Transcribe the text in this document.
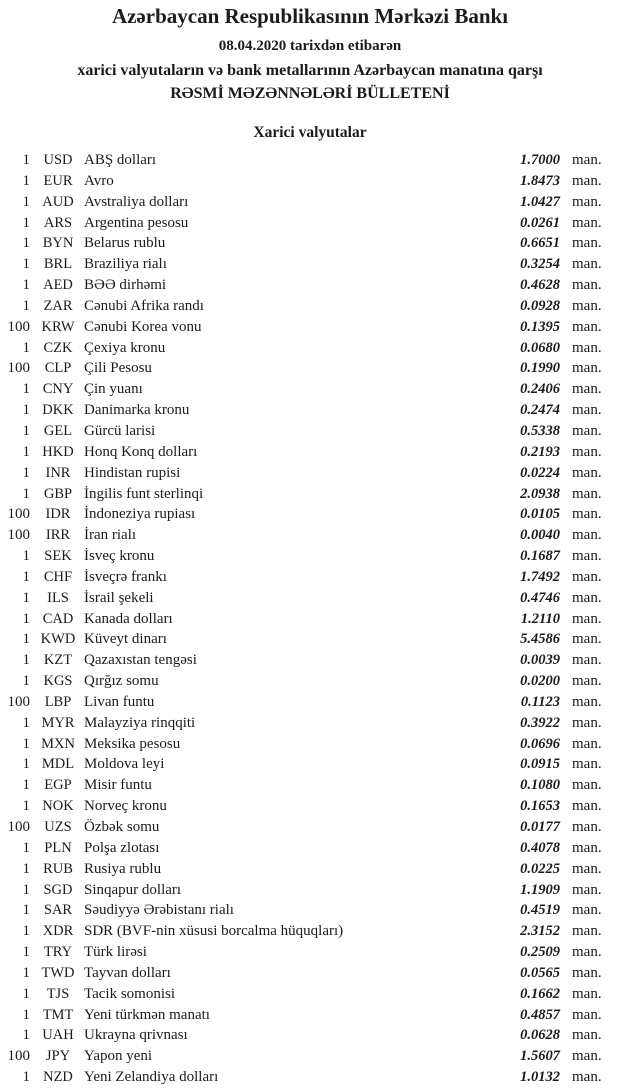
Azərbaycan Respublikasının Mərkəzi Bankı
08.04.2020 tarixdən etibarən
xarici valyutaların və bank metallarının Azərbaycan manatına qarşı
RƏSMİ MƏZƏNNƏLƏRİ BÜLLETENİ
Xarici valyutalar
1 USD ABŞ dolları	1.7000 man.
1 EUR Avro	1.8473 man.
1 AUD Avstraliya dolları	1.0427 man.
1 ARS Argentina pesosu	0.0261 man.
1 BYN Belarus rublu	0.6651 man.
1 BRL Braziliya rialı	0.3254 man.
1 AED BƏƏ dirhəmi	0.4628 man.
1 ZAR Cənubi Afrika randı	0.0928 man.
100 KRW Cənubi Korea vonu	0.1395 man.
1 CZK Çexiya kronu	0.0680 man.
100	CLP Çili Pesosu	0.1990 man.
1 CNY Çin yuanı	0.2406 man.
1 DKK Danimarka kronu	0.2474 man.
1 GEL Gürcü larisi	0.5338 man.
1 HKD Honq Konq dolları	0.2193 man.
1	INR Hindistan rupisi	0.0224 man.
1 GBP İngilis funt sterlinqi	2.0938 man.
100	IDR İndoneziya rupiası	0.0105 man.
100	IRR İran rialı	0.0040 man.
1 SEK İsveç kronu	0.1687 man.
1 CHF İsveçrə frankı	1.7492 man.
1	ILS	İsrail şekeli	0.4746 man.
1 CAD Kanada dolları	1.2110 man.
1 KWD Küveyt dinarı	5.4586 man.
1 KZT Qazaxıstan tengəsi	0.0039 man.
1 KGS Qırğız somu	0.0200 man.
100	LBP Livan funtu	0.1123 man.
1 MYR Malayziya rinqqiti	0.3922 man.
1 MXN Meksika pesosu	0.0696 man.
1 MDL Moldova leyi	0.0915 man.
1 EGP Misir funtu	0.1080 man.
1 NOK Norveç kronu	0.1653 man.
100 UZS Özbək somu	0.0177 man.
1 PLN Polşa zlotası	0.4078 man.
1 RUB Rusiya rublu	0.0225 man.
1 SGD Sinqapur dolları	1.1909 man.
1 SAR Səudiyyə Ərəbistanı rialı	0.4519 man.
1 XDR SDR (BVF-nin xüsusi borcalma hüquqları)	2.3152 man.
1 TRY Türk lirəsi	0.2509 man.
1 TWD Tayvan dolları	0.0565 man.
1	TJS Tacik somonisi	0.1662 man.
1 TMT Yeni türkmən manatı	0.4857 man.
1 UAH Ukrayna qrivnası	0.0628 man.
100	JPY Yapon yeni	1.5607 man.
1 NZD Yeni Zelandiya dolları	1.0132 man.
